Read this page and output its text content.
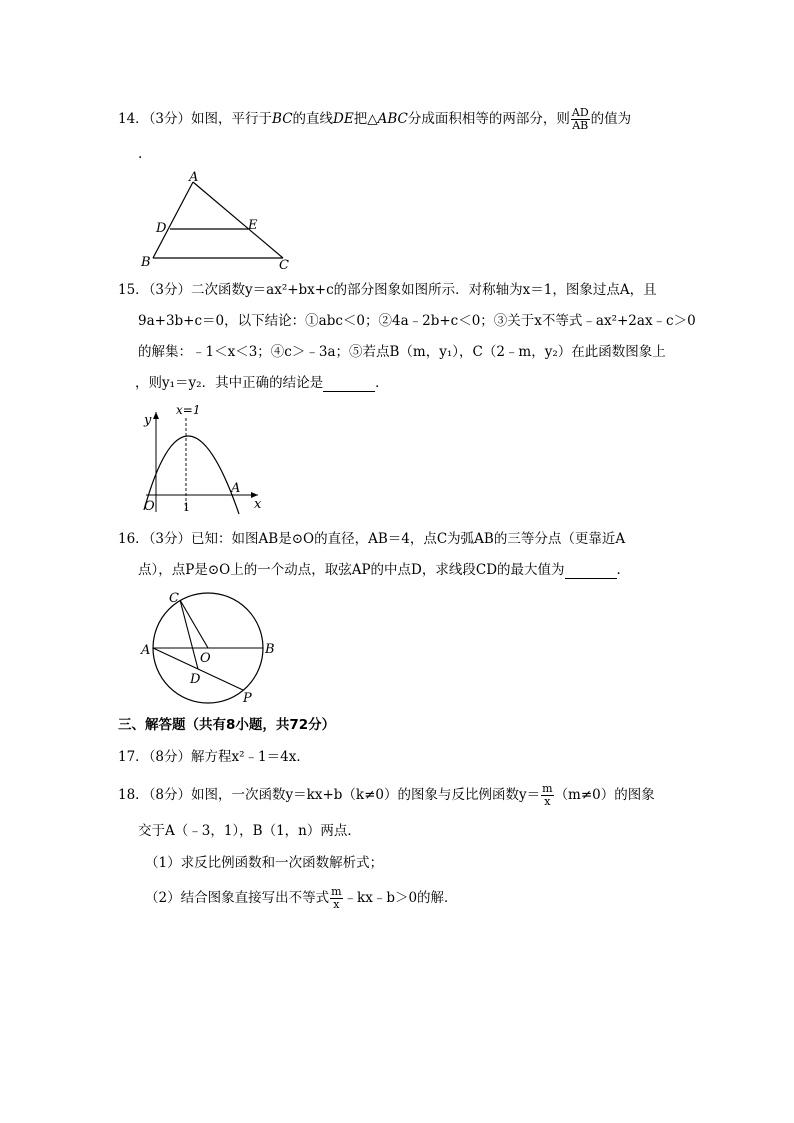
14．（3分）如图，平行于BC的直线DE把△ABC分成面积相等的两部分，则 $\frac{AD}{AB}$ 的值为
.
A
D	E
B	C
15．（3分）二次函数y＝ax²+bx+c的部分图象如图所示．对称轴为x＝1，图象过点A，且
9a+3b+c＝0，以下结论：①abc＜0；②4a﹣2b+c＜0；③关于x不等式﹣ax²+2ax﹣c＞0
的解集：﹣1＜x＜3；④c＞﹣3a；⑤若点B（m，y₁），C（2﹣m，y₂）在此函数图象上
，则y₁＝y₂．其中正确的结论是	．
x=1
y
x
O	1
A
16．（3分）已知：如图AB是⊙O的直径，AB＝4，点C为弧AB的三等分点（更靠近A
点），点P是⊙O上的一个动点，取弦AP的中点D，求线段CD的最大值为	．
C
A
O
B
D
P
三、解答题（共有8小题，共72分）
17．（8分）解方程x²﹣1＝4x．
18．（8分）如图，一次函数y＝kx+b（k≠0）的图象与反比例函数$y= \frac{m}{x} (m\ne 0)$的图象
交于A（﹣3，1），B（1，n）两点．
（1）求反比例函数和一次函数解析式；
（2）结合图象直接写出不等式 $\frac{m}{x}$ ﹣kx﹣b＞0的解．
